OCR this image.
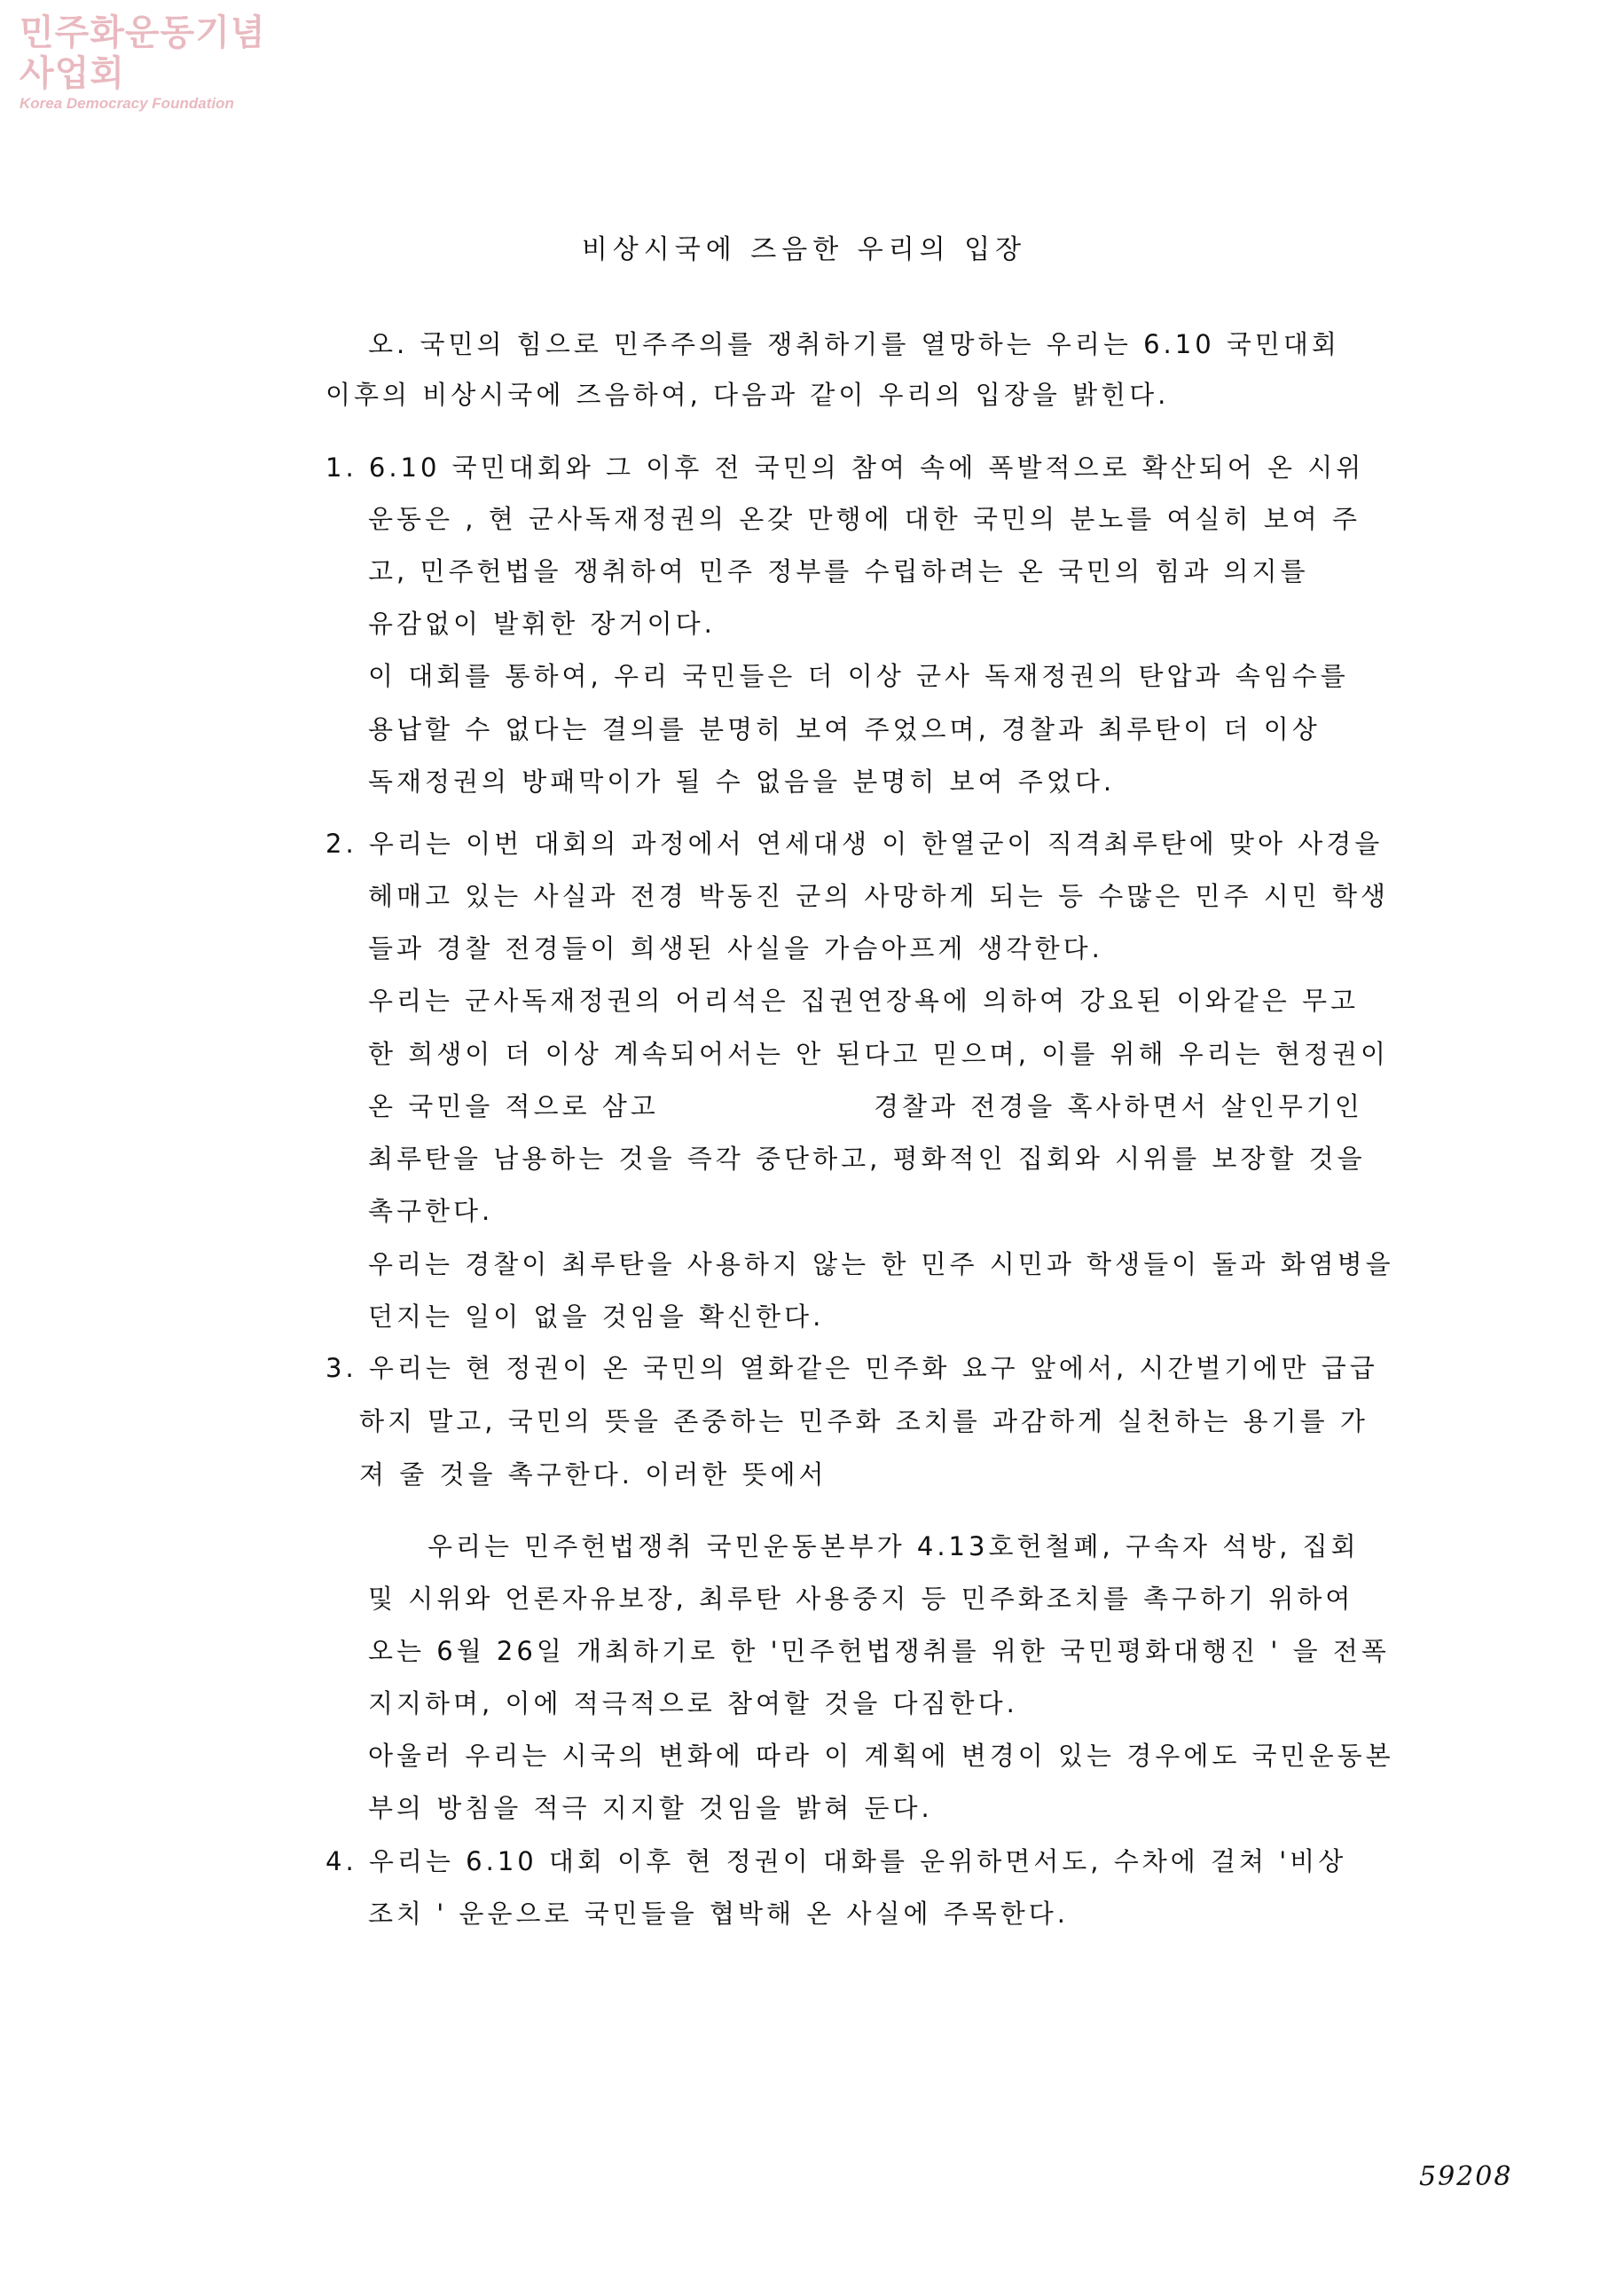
민주화운동기념사업회
Korea Democracy Foundation
비상시국에 즈음한 우리의 입장
오. 국민의 힘으로 민주주의를 쟁취하기를 열망하는 우리는 6.10 국민대회
이후의 비상시국에 즈음하여, 다음과 같이 우리의 입장을 밝힌다.
1. 6.10 국민대회와 그 이후 전 국민의 참여 속에 폭발적으로 확산되어 온 시위
운동은 , 현 군사독재정권의 온갖 만행에 대한 국민의 분노를 여실히 보여 주
고, 민주헌법을 쟁취하여 민주 정부를 수립하려는 온 국민의 힘과 의지를
유감없이 발휘한 장거이다.
이 대회를 통하여, 우리 국민들은 더 이상 군사 독재정권의 탄압과 속임수를
용납할 수 없다는 결의를 분명히 보여 주었으며, 경찰과 최루탄이 더 이상
독재정권의 방패막이가 될 수 없음을 분명히 보여 주었다.
2. 우리는 이번 대회의 과정에서 연세대생 이 한열군이 직격최루탄에 맞아 사경을
헤매고 있는 사실과 전경 박동진 군의 사망하게 되는 등 수많은 민주 시민 학생
들과 경찰 전경들이 희생된 사실을 가슴아프게 생각한다.
우리는 군사독재정권의 어리석은 집권연장욕에 의하여 강요된 이와같은 무고
한 희생이 더 이상 계속되어서는 안 된다고 믿으며, 이를 위해 우리는 현정권이
온 국민을 적으로 삼고	경찰과 전경을 혹사하면서 살인무기인
최루탄을 남용하는 것을 즉각 중단하고, 평화적인 집회와 시위를 보장할 것을
촉구한다.
우리는 경찰이 최루탄을 사용하지 않는 한 민주 시민과 학생들이 돌과 화염병을
던지는 일이 없을 것임을 확신한다.
3. 우리는 현 정권이 온 국민의 열화같은 민주화 요구 앞에서, 시간벌기에만 급급
하지 말고, 국민의 뜻을 존중하는 민주화 조치를 과감하게 실천하는 용기를 가
져 줄 것을 촉구한다. 이러한 뜻에서
우리는 민주헌법쟁취 국민운동본부가 4.13호헌철폐, 구속자 석방, 집회
및 시위와 언론자유보장, 최루탄 사용중지 등 민주화조치를 촉구하기 위하여
오는 6월 26일 개최하기로 한 '민주헌법쟁취를 위한 국민평화대행진 ' 을 전폭
지지하며, 이에 적극적으로 참여할 것을 다짐한다.
아울러 우리는 시국의 변화에 따라 이 계획에 변경이 있는 경우에도 국민운동본
부의 방침을 적극 지지할 것임을 밝혀 둔다.
4. 우리는 6.10 대회 이후 현 정권이 대화를 운위하면서도, 수차에 걸쳐 '비상
조치 ' 운운으로 국민들을 협박해 온 사실에 주목한다.
59208
